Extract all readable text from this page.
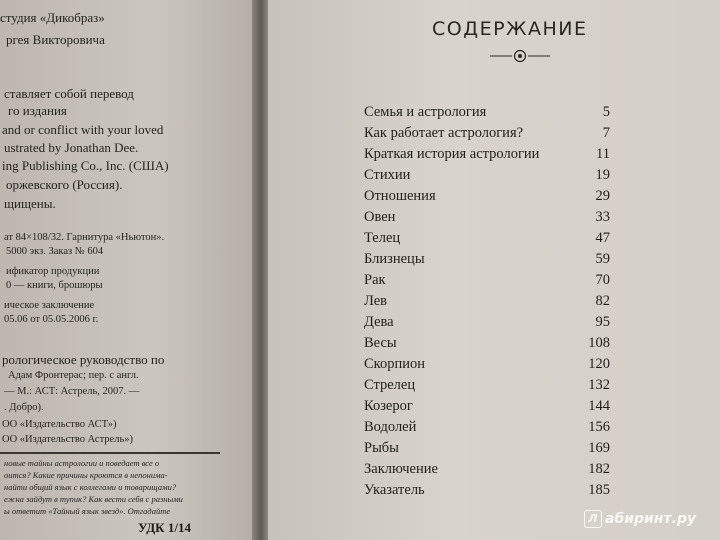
студия «Дикобраз»
ргея Викторовича
ставляет собой перевод
го издания
and or conflict with your loved
ustrated by Jonathan Dee.
ing Publishing Co., Inc. (США)
оржевского (Россия).
щищены.
ат 84×108/32. Гарнитура «Ньютон».
5000 экз. Заказ № 604
ификатор продукции
0 — книги, брошюры
ическое заключение
05.06 от 05.05.2006 г.
рологическое руководство по
Адам Фронтерас; пер. с англ.
— М.: АСТ: Астрель, 2007. —
. Добро).
ОО «Издательство АСТ»)
ОО «Издательство Астрель»)
новые тайны астрологии и поведает все о
оится? Какие причины кроются в непонима-
найти общий язык с коллегами и товарищами?
ежна зайдут в тупик? Как вести себя с разными
ы ответит «Тайный язык звезд». Отгадайте
УДК 1/14
СОДЕРЖАНИЕ
Семья и астрология	5
Как работает астрология?	7
Краткая история астрологии	11
Стихии	19
Отношения	29
Овен	33
Телец	47
Близнецы	59
Рак	70
Лев	82
Дева	95
Весы	108
Скорпион	120
Стрелец	132
Козерог	144
Водолей	156
Рыбы	169
Заключение	182
Указатель	185
Л абиринт.ру
